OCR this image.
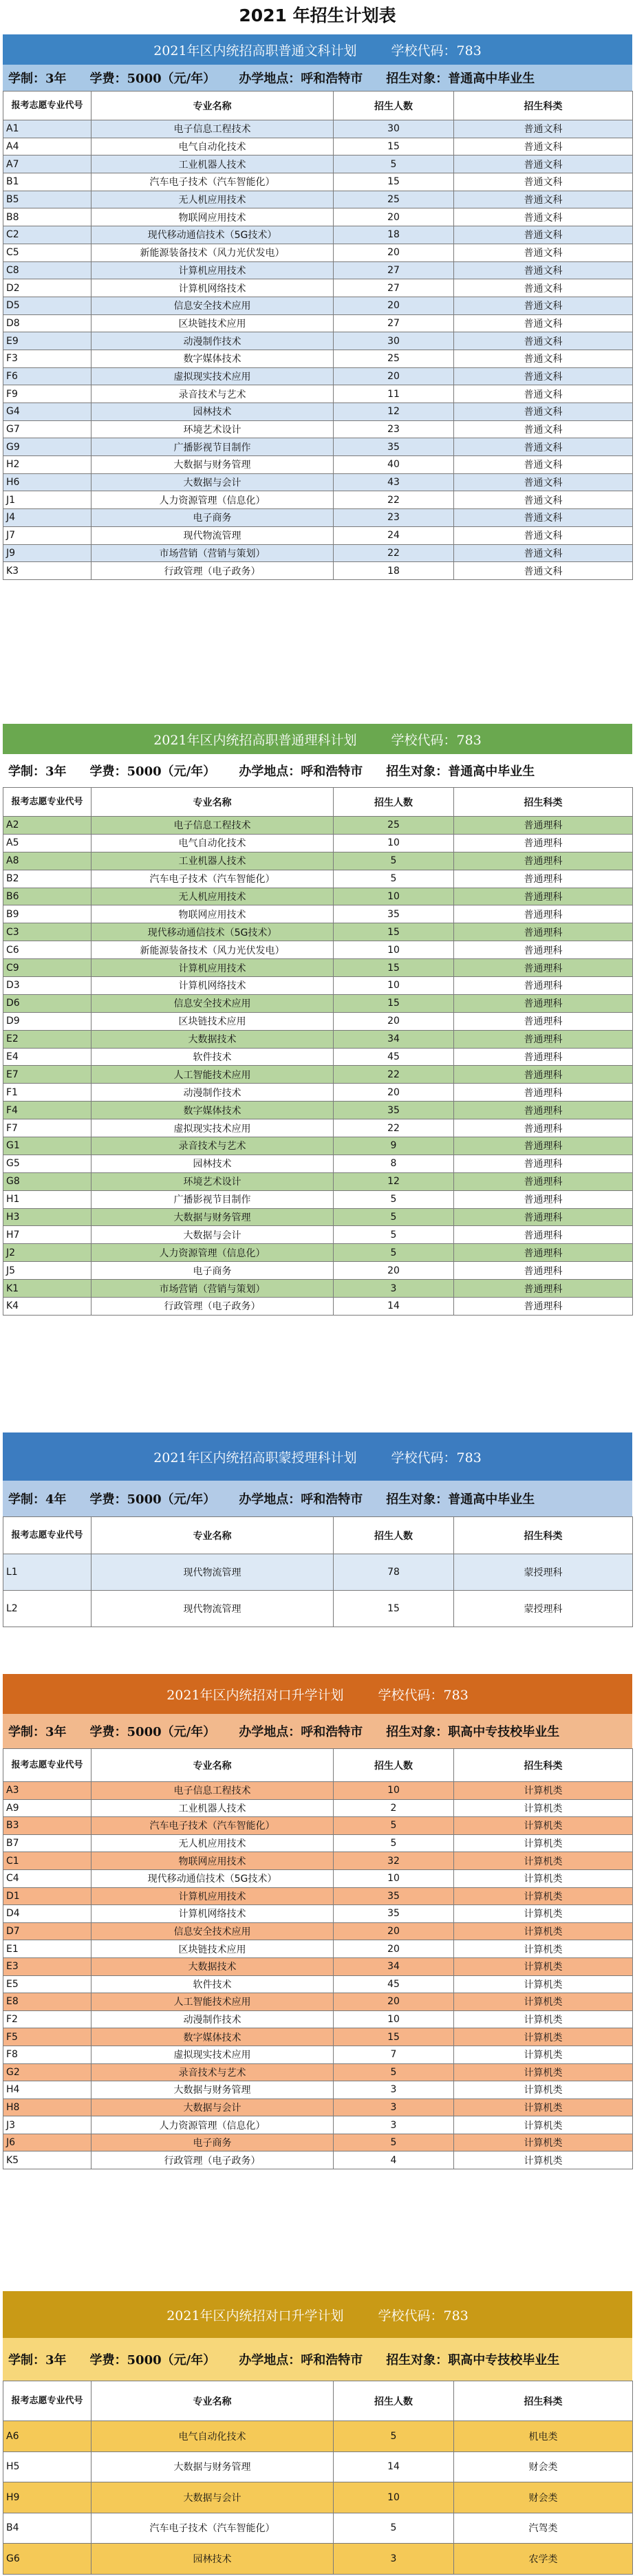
2021 年招生计划表
2021年区内统招高职普通文科计划	学校代码：783
学制：3年 学费：5000（元/年） 办学地点：呼和浩特市 招生对象：普通高中毕业生
报考志愿专业代号	专业名称	招生人数	招生科类
A1	电子信息工程技术	30	普通文科
A4	电气自动化技术	15	普通文科
A7	工业机器人技术	5	普通文科
B1	汽车电子技术（汽车智能化）	15	普通文科
B5	无人机应用技术	25	普通文科
B8	物联网应用技术	20	普通文科
C2	现代移动通信技术（5G技术）	18	普通文科
C5	新能源装备技术（风力光伏发电）	20	普通文科
C8	计算机应用技术	27	普通文科
D2	计算机网络技术	27	普通文科
D5	信息安全技术应用	20	普通文科
D8	区块链技术应用	27	普通文科
E9	动漫制作技术	30	普通文科
F3	数字媒体技术	25	普通文科
F6	虚拟现实技术应用	20	普通文科
F9	录音技术与艺术	11	普通文科
G4	园林技术	12	普通文科
G7	环境艺术设计	23	普通文科
G9	广播影视节目制作	35	普通文科
H2	大数据与财务管理	40	普通文科
H6	大数据与会计	43	普通文科
J1	人力资源管理（信息化）	22	普通文科
J4	电子商务	23	普通文科
J7	现代物流管理	24	普通文科
J9	市场营销（营销与策划）	22	普通文科
K3	行政管理（电子政务）	18	普通文科
2021年区内统招高职普通理科计划	学校代码：783
学制：3年 学费：5000（元/年） 办学地点：呼和浩特市 招生对象：普通高中毕业生
报考志愿专业代号	专业名称	招生人数	招生科类
A2	电子信息工程技术	25	普通理科
A5	电气自动化技术	10	普通理科
A8	工业机器人技术	5	普通理科
B2	汽车电子技术（汽车智能化）	5	普通理科
B6	无人机应用技术	10	普通理科
B9	物联网应用技术	35	普通理科
C3	现代移动通信技术（5G技术）	15	普通理科
C6	新能源装备技术（风力光伏发电）	10	普通理科
C9	计算机应用技术	15	普通理科
D3	计算机网络技术	10	普通理科
D6	信息安全技术应用	15	普通理科
D9	区块链技术应用	20	普通理科
E2	大数据技术	34	普通理科
E4	软件技术	45	普通理科
E7	人工智能技术应用	22	普通理科
F1	动漫制作技术	20	普通理科
F4	数字媒体技术	35	普通理科
F7	虚拟现实技术应用	22	普通理科
G1	录音技术与艺术	9	普通理科
G5	园林技术	8	普通理科
G8	环境艺术设计	12	普通理科
H1	广播影视节目制作	5	普通理科
H3	大数据与财务管理	5	普通理科
H7	大数据与会计	5	普通理科
J2	人力资源管理（信息化）	5	普通理科
J5	电子商务	20	普通理科
K1	市场营销（营销与策划）	3	普通理科
K4	行政管理（电子政务）	14	普通理科
2021年区内统招高职蒙授理科计划	学校代码：783
学制：4年 学费：5000（元/年） 办学地点：呼和浩特市 招生对象：普通高中毕业生
报考志愿专业代号	专业名称	招生人数	招生科类
L1	现代物流管理	78	蒙授理科
L2	现代物流管理	15	蒙授理科
2021年区内统招对口升学计划	学校代码：783
学制：3年 学费：5000（元/年） 办学地点：呼和浩特市 招生对象：职高中专技校毕业生
报考志愿专业代号	专业名称	招生人数	招生科类
A3	电子信息工程技术	10	计算机类
A9	工业机器人技术	2	计算机类
B3	汽车电子技术（汽车智能化）	5	计算机类
B7	无人机应用技术	5	计算机类
C1	物联网应用技术	32	计算机类
C4	现代移动通信技术（5G技术）	10	计算机类
D1	计算机应用技术	35	计算机类
D4	计算机网络技术	35	计算机类
D7	信息安全技术应用	20	计算机类
E1	区块链技术应用	20	计算机类
E3	大数据技术	34	计算机类
E5	软件技术	45	计算机类
E8	人工智能技术应用	20	计算机类
F2	动漫制作技术	10	计算机类
F5	数字媒体技术	15	计算机类
F8	虚拟现实技术应用	7	计算机类
G2	录音技术与艺术	5	计算机类
H4	大数据与财务管理	3	计算机类
H8	大数据与会计	3	计算机类
J3	人力资源管理（信息化）	3	计算机类
J6	电子商务	5	计算机类
K5	行政管理（电子政务）	4	计算机类
2021年区内统招对口升学计划	学校代码：783
学制：3年 学费：5000（元/年） 办学地点：呼和浩特市 招生对象：职高中专技校毕业生
报考志愿专业代号	专业名称	招生人数	招生科类
A6	电气自动化技术	5	机电类
H5	大数据与财务管理	14	财会类
H9	大数据与会计	10	财会类
B4	汽车电子技术（汽车智能化）	5	汽驾类
G6	园林技术	3	农学类
